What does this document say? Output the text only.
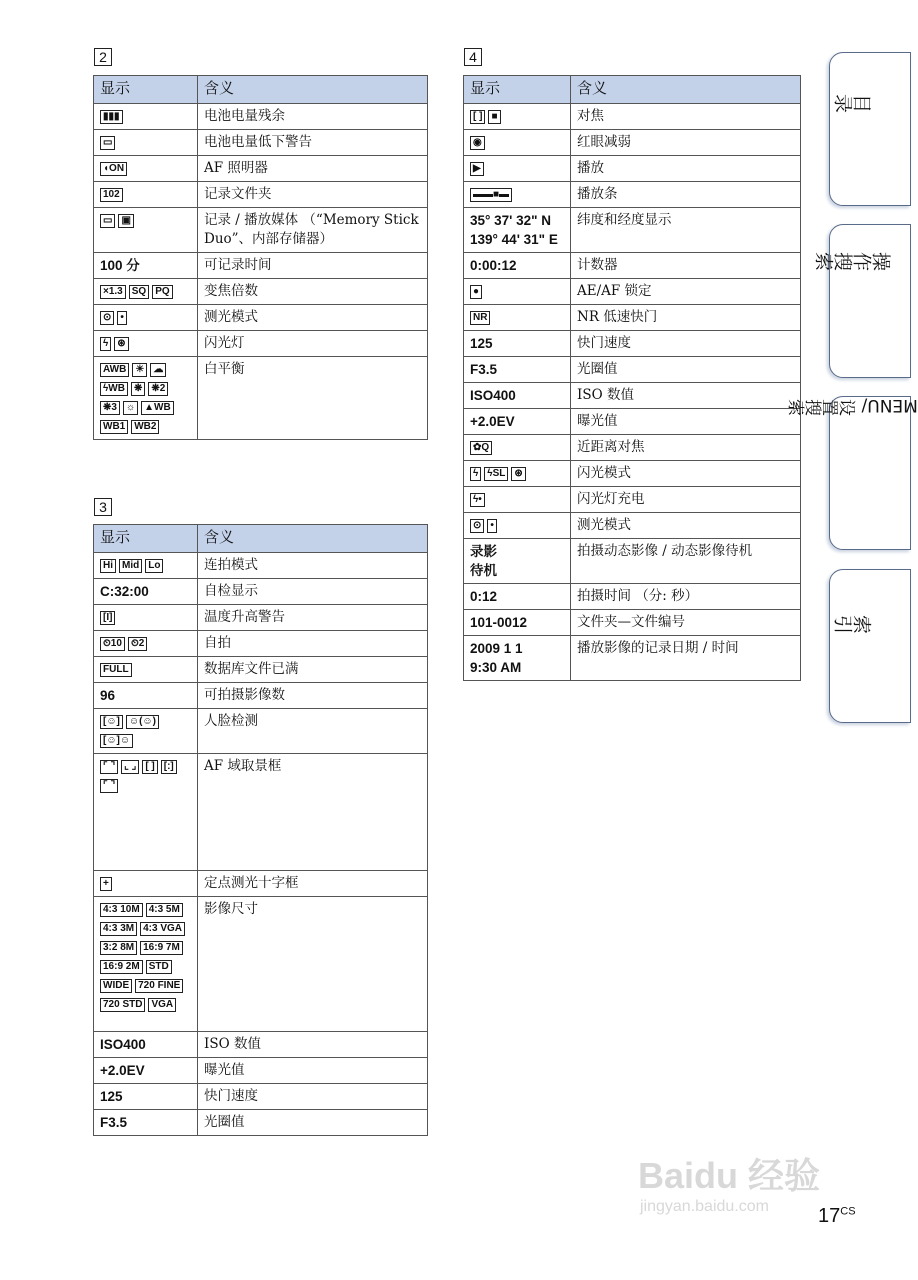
2
3
4
显示	含义
▮▮▮	电池电量残余
▭	电池电量低下警告
◖ON	AF 照明器
102	记录文件夹
▭ ▣	记录 / 播放媒体 （“Memory Stick Duo”、内部存储器）

100 分	可记录时间
×1.3 SQ PQ	变焦倍数
⊙ •	测光模式
ϟ ⊛	闪光灯
AWB ☀ ☁ϟWB ❋ ❋2❋3 ☼ ▲WBWB1 WB2	白平衡
显示	含义
Hi Mid Lo	连拍模式

C:32:00	自检显示
[I]	温度升高警告
⏲10 ⏲2	自拍
FULL	数据库文件已满

96	可拍摄影像数
[☺] ☺(☺)[☺]☺	人脸检测
⌜ ⌝ ⌞ ⌟ [ ] [:]⌜ ⌝	AF 域取景框
+	定点测光十字框
4:3 10M 4:3 5M4:3 3M 4:3 VGA3:2 8M 16:9 7M16:9 2M STDWIDE 720 FINE720 STD VGA	影像尺寸

ISO400	ISO 数值

+2.0EV	曝光值

125	快门速度

F3.5	光圈值
显示	含义
[ ] ■	对焦
◉	红眼减弱
▶	播放
▬▬■▬	播放条

35° 37' 32" N
139° 44' 31" E	纬度和经度显示

0:00:12	计数器
●	AE/AF 锁定
NR	NR 低速快门

125	快门速度

F3.5	光圈值

ISO400	ISO 数值

+2.0EV	曝光值
✿Q	近距离对焦
ϟ ϟSL ⊛	闪光模式
ϟ•	闪光灯充电
⊙ •	测光模式

录影
待机	拍摄动态影像 / 动态影像待机

0:12	拍摄时间 （分: 秒）

101-0012	文件夹—文件编号

2009 1 1
9:30 AM	播放影像的记录日期 / 时间
目录
操作搜索
MENU/ 设置搜索
索引
Baidu 经验
jingyan.baidu.com $17^{CS}$
